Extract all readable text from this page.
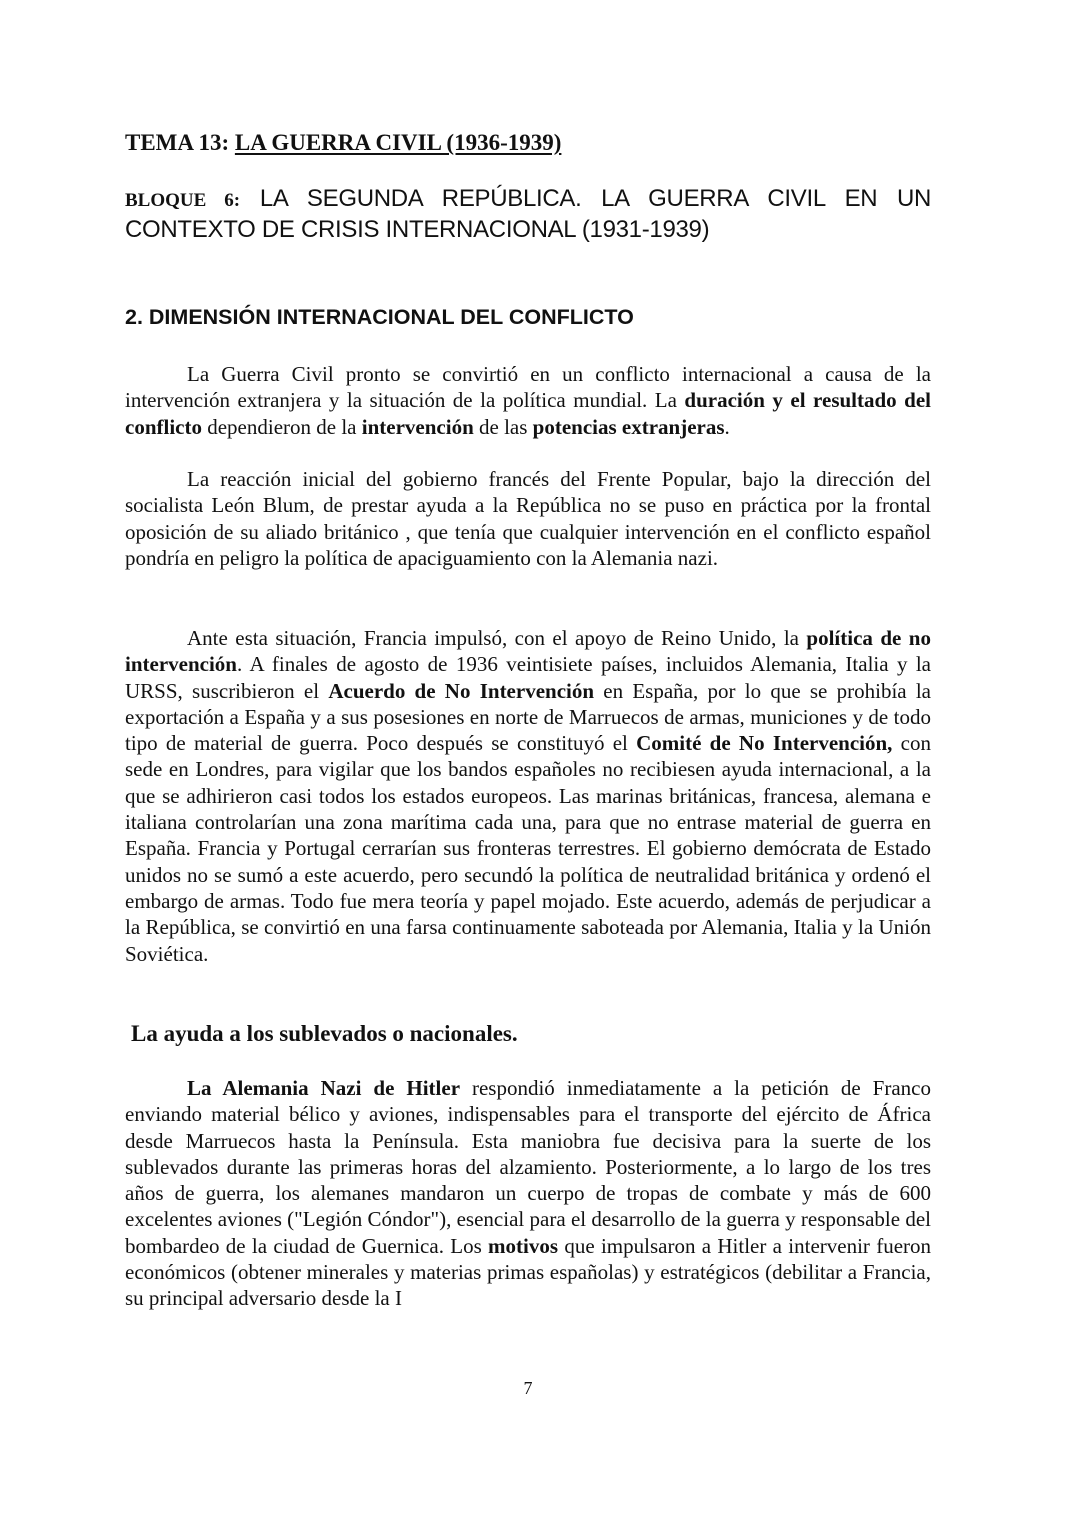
TEMA 13: LA GUERRA CIVIL (1936-1939)
BLOQUE 6: LA SEGUNDA REPÚBLICA. LA GUERRA CIVIL EN UN CONTEXTO DE CRISIS INTERNACIONAL (1931-1939)
2. DIMENSIÓN INTERNACIONAL DEL CONFLICTO

La Guerra Civil pronto se convirtió en un conflicto internacional a causa de la intervención extranjera y la situación de la política mundial. La duración y el resultado del conflicto dependieron de la intervención de las potencias extranjeras.

La reacción inicial del gobierno francés del Frente Popular, bajo la dirección del socialista León Blum, de prestar ayuda a la República no se puso en práctica por la frontal oposición de su aliado británico , que tenía que cualquier intervención en el conflicto español pondría en peligro la política de apaciguamiento con la Alemania nazi.

Ante esta situación, Francia impulsó, con el apoyo de Reino Unido, la política de no intervención. A finales de agosto de 1936 veintisiete países, incluidos Alemania, Italia y la URSS, suscribieron el Acuerdo de No Intervención en España, por lo que se prohibía la exportación a España y a sus posesiones en norte de Marruecos de armas, municiones y de todo tipo de material de guerra. Poco después se constituyó el Comité de No Intervención, con sede en Londres, para vigilar que los bandos españoles no recibiesen ayuda internacional, a la que se adhirieron casi todos los estados europeos. Las marinas británicas, francesa, alemana e italiana controlarían una zona marítima cada una, para que no entrase material de guerra en España. Francia y Portugal cerrarían sus fronteras terrestres. El gobierno demócrata de Estado unidos no se sumó a este acuerdo, pero secundó la política de neutralidad británica y ordenó el embargo de armas. Todo fue mera teoría y papel mojado. Este acuerdo, además de perjudicar a la República, se convirtió en una farsa continuamente saboteada por Alemania, Italia y la Unión Soviética.

La ayuda a los sublevados o nacionales.

La Alemania Nazi de Hitler respondió inmediatamente a la petición de Franco enviando material bélico y aviones, indispensables para el transporte del ejército de África desde Marruecos hasta la Península. Esta maniobra fue decisiva para la suerte de los sublevados durante las primeras horas del alzamiento. Posteriormente, a lo largo de los tres años de guerra, los alemanes mandaron un cuerpo de tropas de combate y más de 600 excelentes aviones ("Legión Cóndor"), esencial para el desarrollo de la guerra y responsable del bombardeo de la ciudad de Guernica. Los motivos que impulsaron a Hitler a intervenir fueron económicos (obtener minerales y materias primas españolas) y estratégicos (debilitar a Francia, su principal adversario desde la I

7
